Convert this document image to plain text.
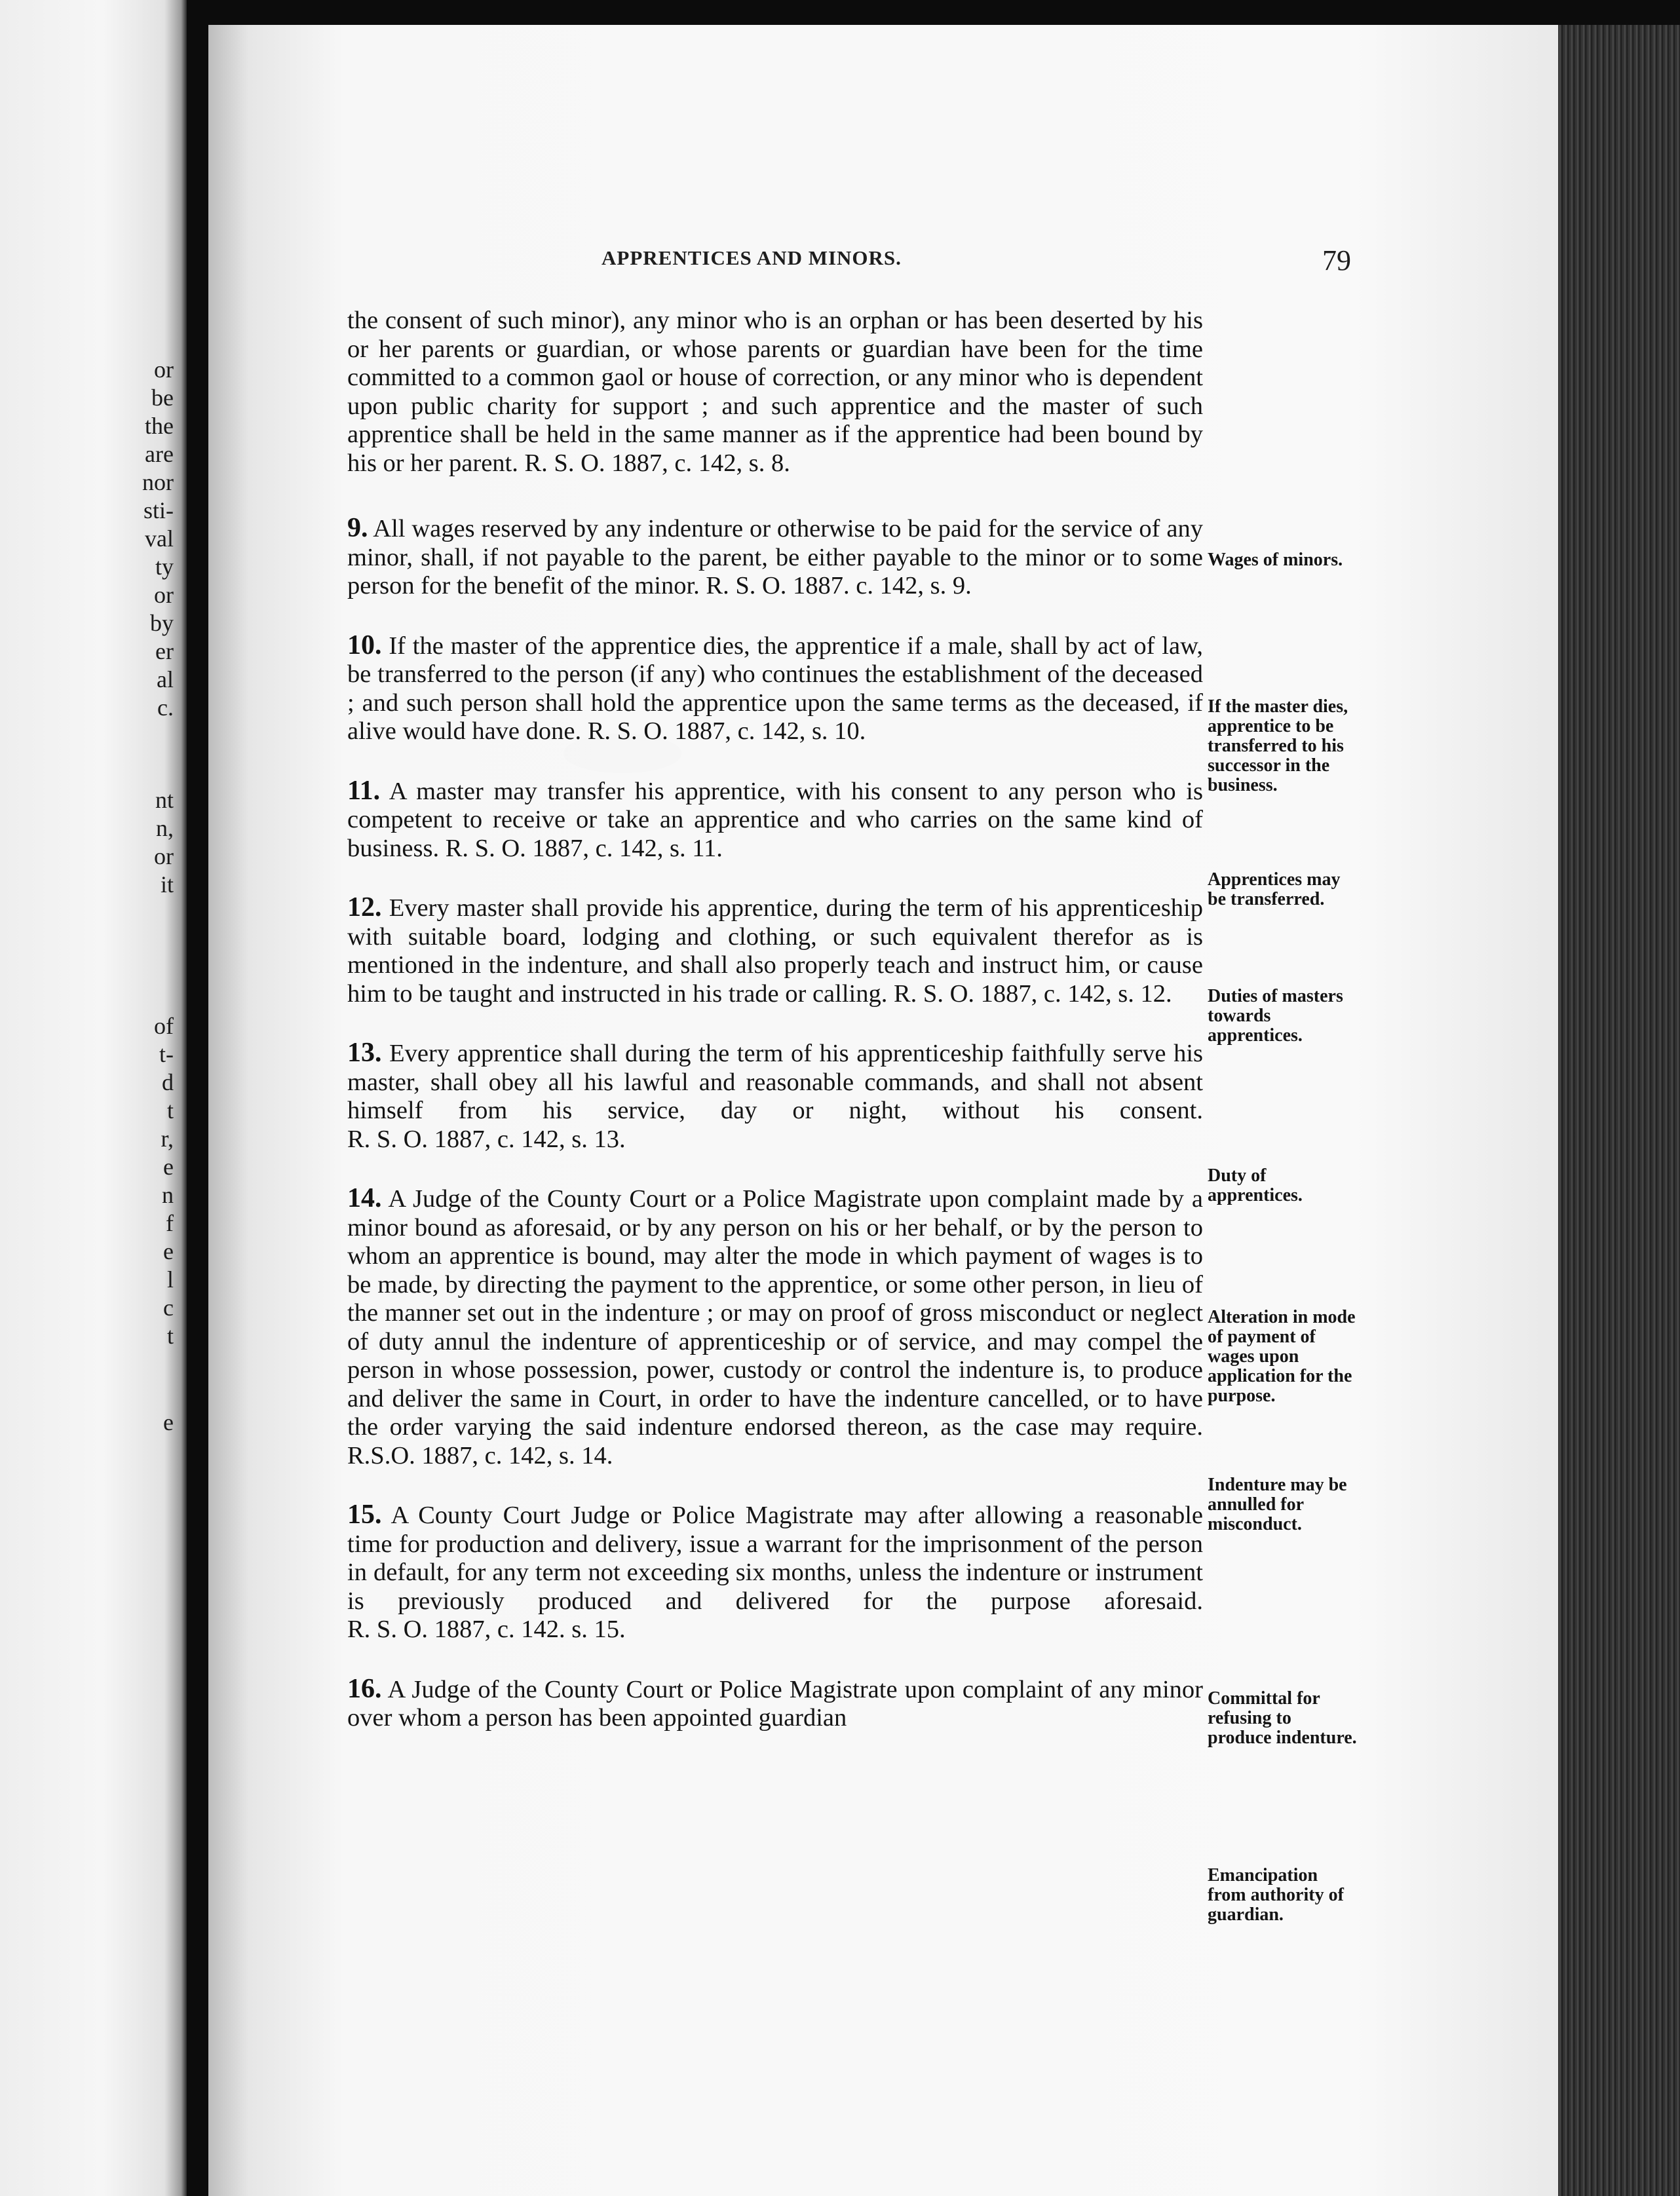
or
be
the
are
nor
sti-
val
ty
or
by
er
al
c.
nt
n,
or
it
of
t-
d
t
r,
e
n
f
e
l
c
t
e
APPRENTICES AND MINORS.	79

the consent of such minor), any minor who is an orphan or has been deserted by his or her parents or guardian, or whose parents or guardian have been for the time committed to a common gaol or house of correction, or any minor who is dependent upon public charity for support ; and such apprentice and the master of such apprentice shall be held in the same manner as if the apprentice had been bound by his or her parent. R. S. O. 1887, c. 142, s. 8.

9. All wages reserved by any indenture or otherwise to be paid for the service of any minor, shall, if not payable to the parent, be either payable to the minor or to some person for the benefit of the minor. R. S. O. 1887. c. 142, s. 9.

10. If the master of the apprentice dies, the apprentice if a male, shall by act of law, be transferred to the person (if any) who continues the establishment of the deceased ; and such person shall hold the apprentice upon the same terms as the deceased, if alive would have done. R. S. O. 1887, c. 142, s. 10.

11. A master may transfer his apprentice, with his consent to any person who is competent to receive or take an apprentice and who carries on the same kind of business. R. S. O. 1887, c. 142, s. 11.

12. Every master shall provide his apprentice, during the term of his apprenticeship with suitable board, lodging and clothing, or such equivalent therefor as is mentioned in the indenture, and shall also properly teach and instruct him, or cause him to be taught and instructed in his trade or calling. R. S. O. 1887, c. 142, s. 12.

13. Every apprentice shall during the term of his apprenticeship faithfully serve his master, shall obey all his lawful and reasonable commands, and shall not absent himself from his service, day or night, without his consent. R. S. O. 1887, c. 142, s. 13.

14. A Judge of the County Court or a Police Magistrate upon complaint made by a minor bound as aforesaid, or by any person on his or her behalf, or by the person to whom an apprentice is bound, may alter the mode in which payment of wages is to be made, by directing the payment to the apprentice, or some other person, in lieu of the manner set out in the indenture ; or may on proof of gross misconduct or neglect of duty annul the indenture of apprenticeship or of service, and may compel the person in whose possession, power, custody or control the indenture is, to produce and deliver the same in Court, in order to have the indenture cancelled, or to have the order varying the said indenture endorsed thereon, as the case may require. R.S.O. 1887, c. 142, s. 14.

15. A County Court Judge or Police Magistrate may after allowing a reasonable time for production and delivery, issue a warrant for the imprisonment of the person in default, for any term not exceeding six months, unless the indenture or instrument is previously produced and delivered for the purpose aforesaid. R. S. O. 1887, c. 142. s. 15.

16. A Judge of the County Court or Police Magistrate upon complaint of any minor over whom a person has been appointed guardian

Wages of minors.
If the master dies, apprentice to be transferred to his successor in the business.
Apprentices may be transferred.
Duties of masters towards apprentices.
Duty of apprentices.
Alteration in mode of payment of wages upon application for the purpose.
Indenture may be annulled for misconduct.
Committal for refusing to produce indenture.
Emancipation from authority of guardian.
